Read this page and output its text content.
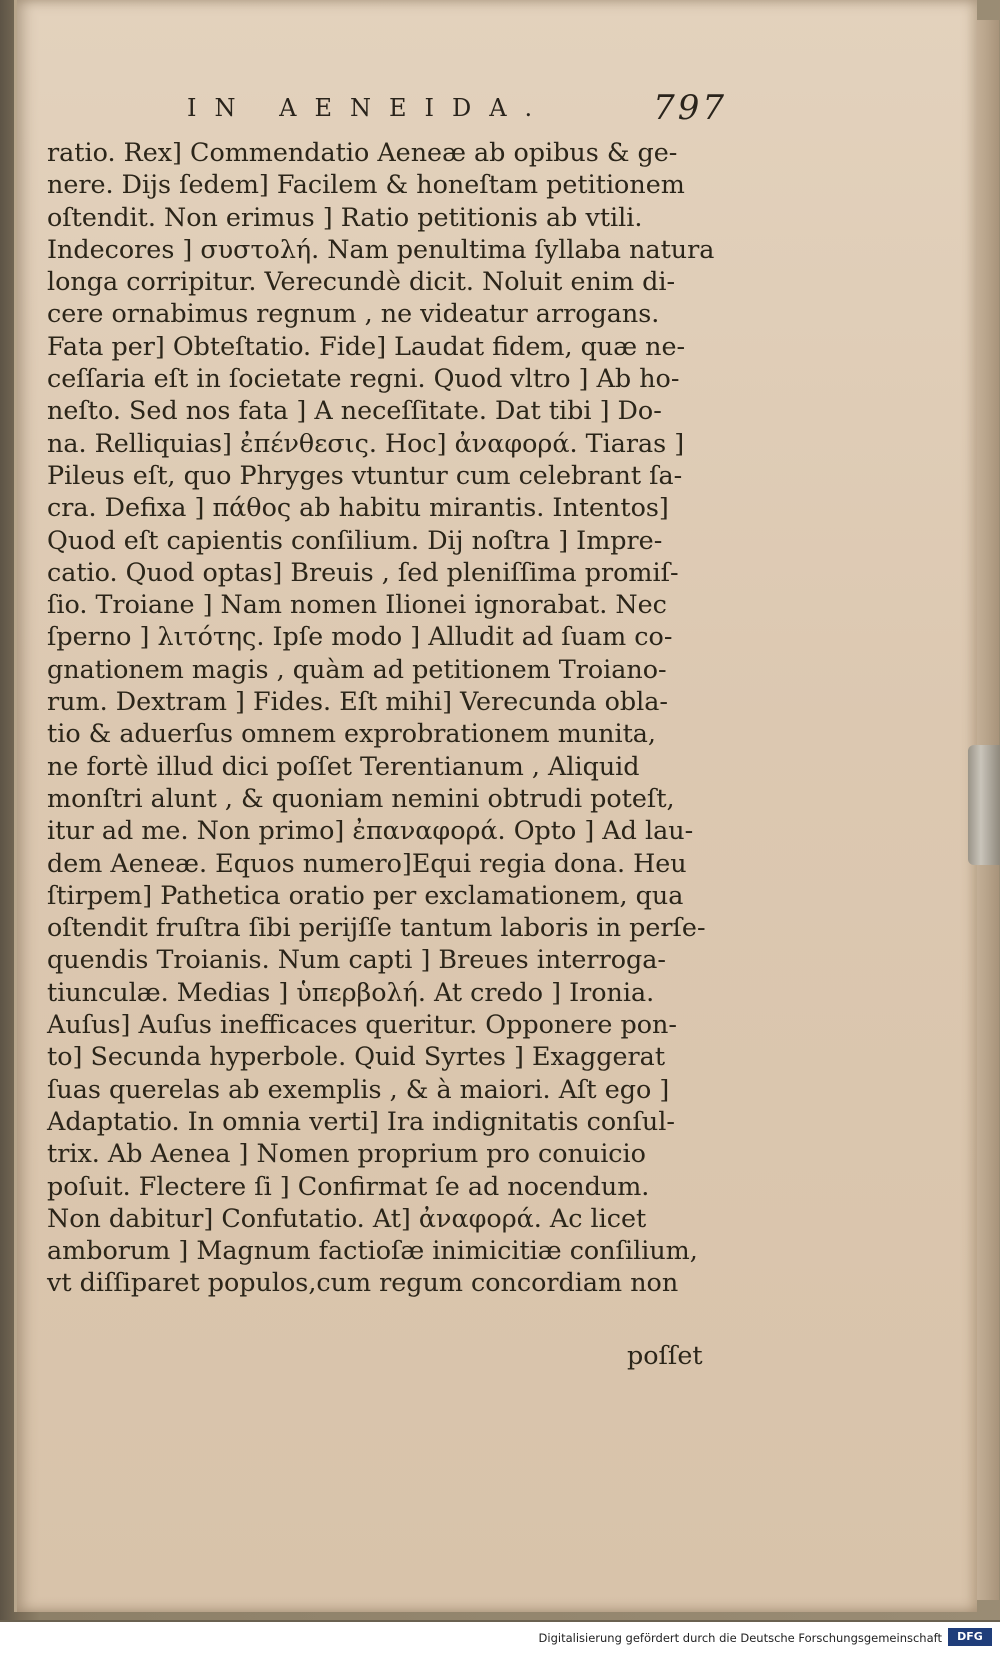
IN AENEIDA.	797
ratio. Rex] Commendatio Aeneæ ab opibus & ge-
nere. Dijs ſedem] Facilem & honeſtam petitionem
oſtendit. Non erimus ] Ratio petitionis ab vtili.
Indecores ] συστολή. Nam penultima ſyllaba natura
longa corripitur. Verecundè dicit. Noluit enim di-
cere ornabimus regnum , ne videatur arrogans.
Fata per] Obteſtatio. Fide] Laudat fidem, quæ ne-
ceſſaria eſt in ſocietate regni. Quod vltro ] Ab ho-
neſto. Sed nos fata ] A neceſſitate. Dat tibi ] Do-
na. Relliquias] ἐπένθεσις. Hoc] ἀναφορά. Tiaras ]
Pileus eſt, quo Phryges vtuntur cum celebrant ſa-
cra. Defixa ] πάθος ab habitu mirantis. Intentos]
Quod eſt capientis conſilium. Dij noſtra ] Impre-
catio. Quod optas] Breuis , ſed pleniſſima promiſ-
ſio. Troiane ] Nam nomen Ilionei ignorabat. Nec
ſperno ] λιτότης. Ipſe modo ] Alludit ad ſuam co-
gnationem magis , quàm ad petitionem Troiano-
rum. Dextram ] Fides. Eſt mihi] Verecunda obla-
tio & aduerſus omnem exprobrationem munita,
ne fortè illud dici poſſet Terentianum , Aliquid
monſtri alunt , & quoniam nemini obtrudi poteſt,
itur ad me. Non primo] ἐπαναφορά. Opto ] Ad lau-
dem Aeneæ. Equos numero]Equi regia dona. Heu
ſtirpem] Pathetica oratio per exclamationem, qua
oſtendit fruſtra ſibi perijſſe tantum laboris in perſe-
quendis Troianis. Num capti ] Breues interroga-
tiunculæ. Medias ] ὑπερβολή. At credo ] Ironia.
Auſus] Auſus inefficaces queritur. Opponere pon-
to] Secunda hyperbole. Quid Syrtes ] Exaggerat
ſuas querelas ab exemplis , & à maiori. Aſt ego ]
Adaptatio. In omnia verti] Ira indignitatis conſul-
trix. Ab Aenea ] Nomen proprium pro conuicio
poſuit. Flectere ſi ] Confirmat ſe ad nocendum.
Non dabitur] Confutatio. At] ἀναφορά. Ac licet
amborum ] Magnum factioſæ inimicitiæ conſilium,
vt diſſiparet populos,cum regum concordiam non
poſſet
Digitalisierung gefördert durch die Deutsche Forschungsgemeinschaft	DFG
